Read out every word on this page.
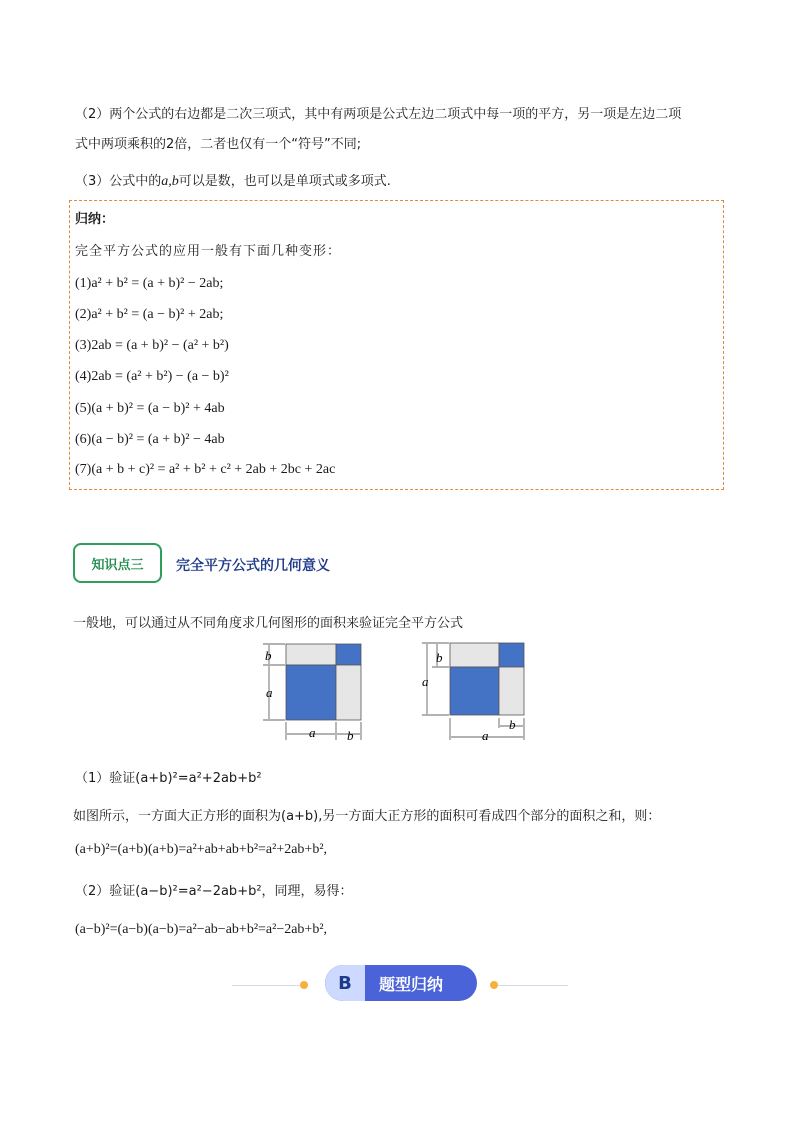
（2）两个公式的右边都是二次三项式，其中有两项是公式左边二项式中每一项的平方，另一项是左边二项
式中两项乘积的2倍，二者也仅有一个“符号”不同;
（3）公式中的a,b可以是数，也可以是单项式或多项式.
归纳：
完全平方公式的应用一般有下面几种变形：
(1)a² + b² = (a + b)² − 2ab;
(2)a² + b² = (a − b)² + 2ab;
(3)2ab = (a + b)² − (a² + b²)
(4)2ab = (a² + b²) − (a − b)²
(5)(a + b)² = (a − b)² + 4ab
(6)(a − b)² = (a + b)² − 4ab
(7)(a + b + c)² = a² + b² + c² + 2ab + 2bc + 2ac
知识点三 完全平方公式的几何意义
一般地，可以通过从不同角度求几何图形的面积来验证完全平方公式
b
a
a b
b
a
b
a
（1）验证(a+b)²=a²+2ab+b²
如图所示，一方面大正方形的面积为(a+b),另一方面大正方形的面积可看成四个部分的面积之和，则：
(a+b)²=(a+b)(a+b)=a²+ab+ab+b²=a²+2ab+b²,
（2）验证(a−b)²=a²−2ab+b²，同理，易得：
(a−b)²=(a−b)(a−b)=a²−ab−ab+b²=a²−2ab+b²,
B	题型归纳
